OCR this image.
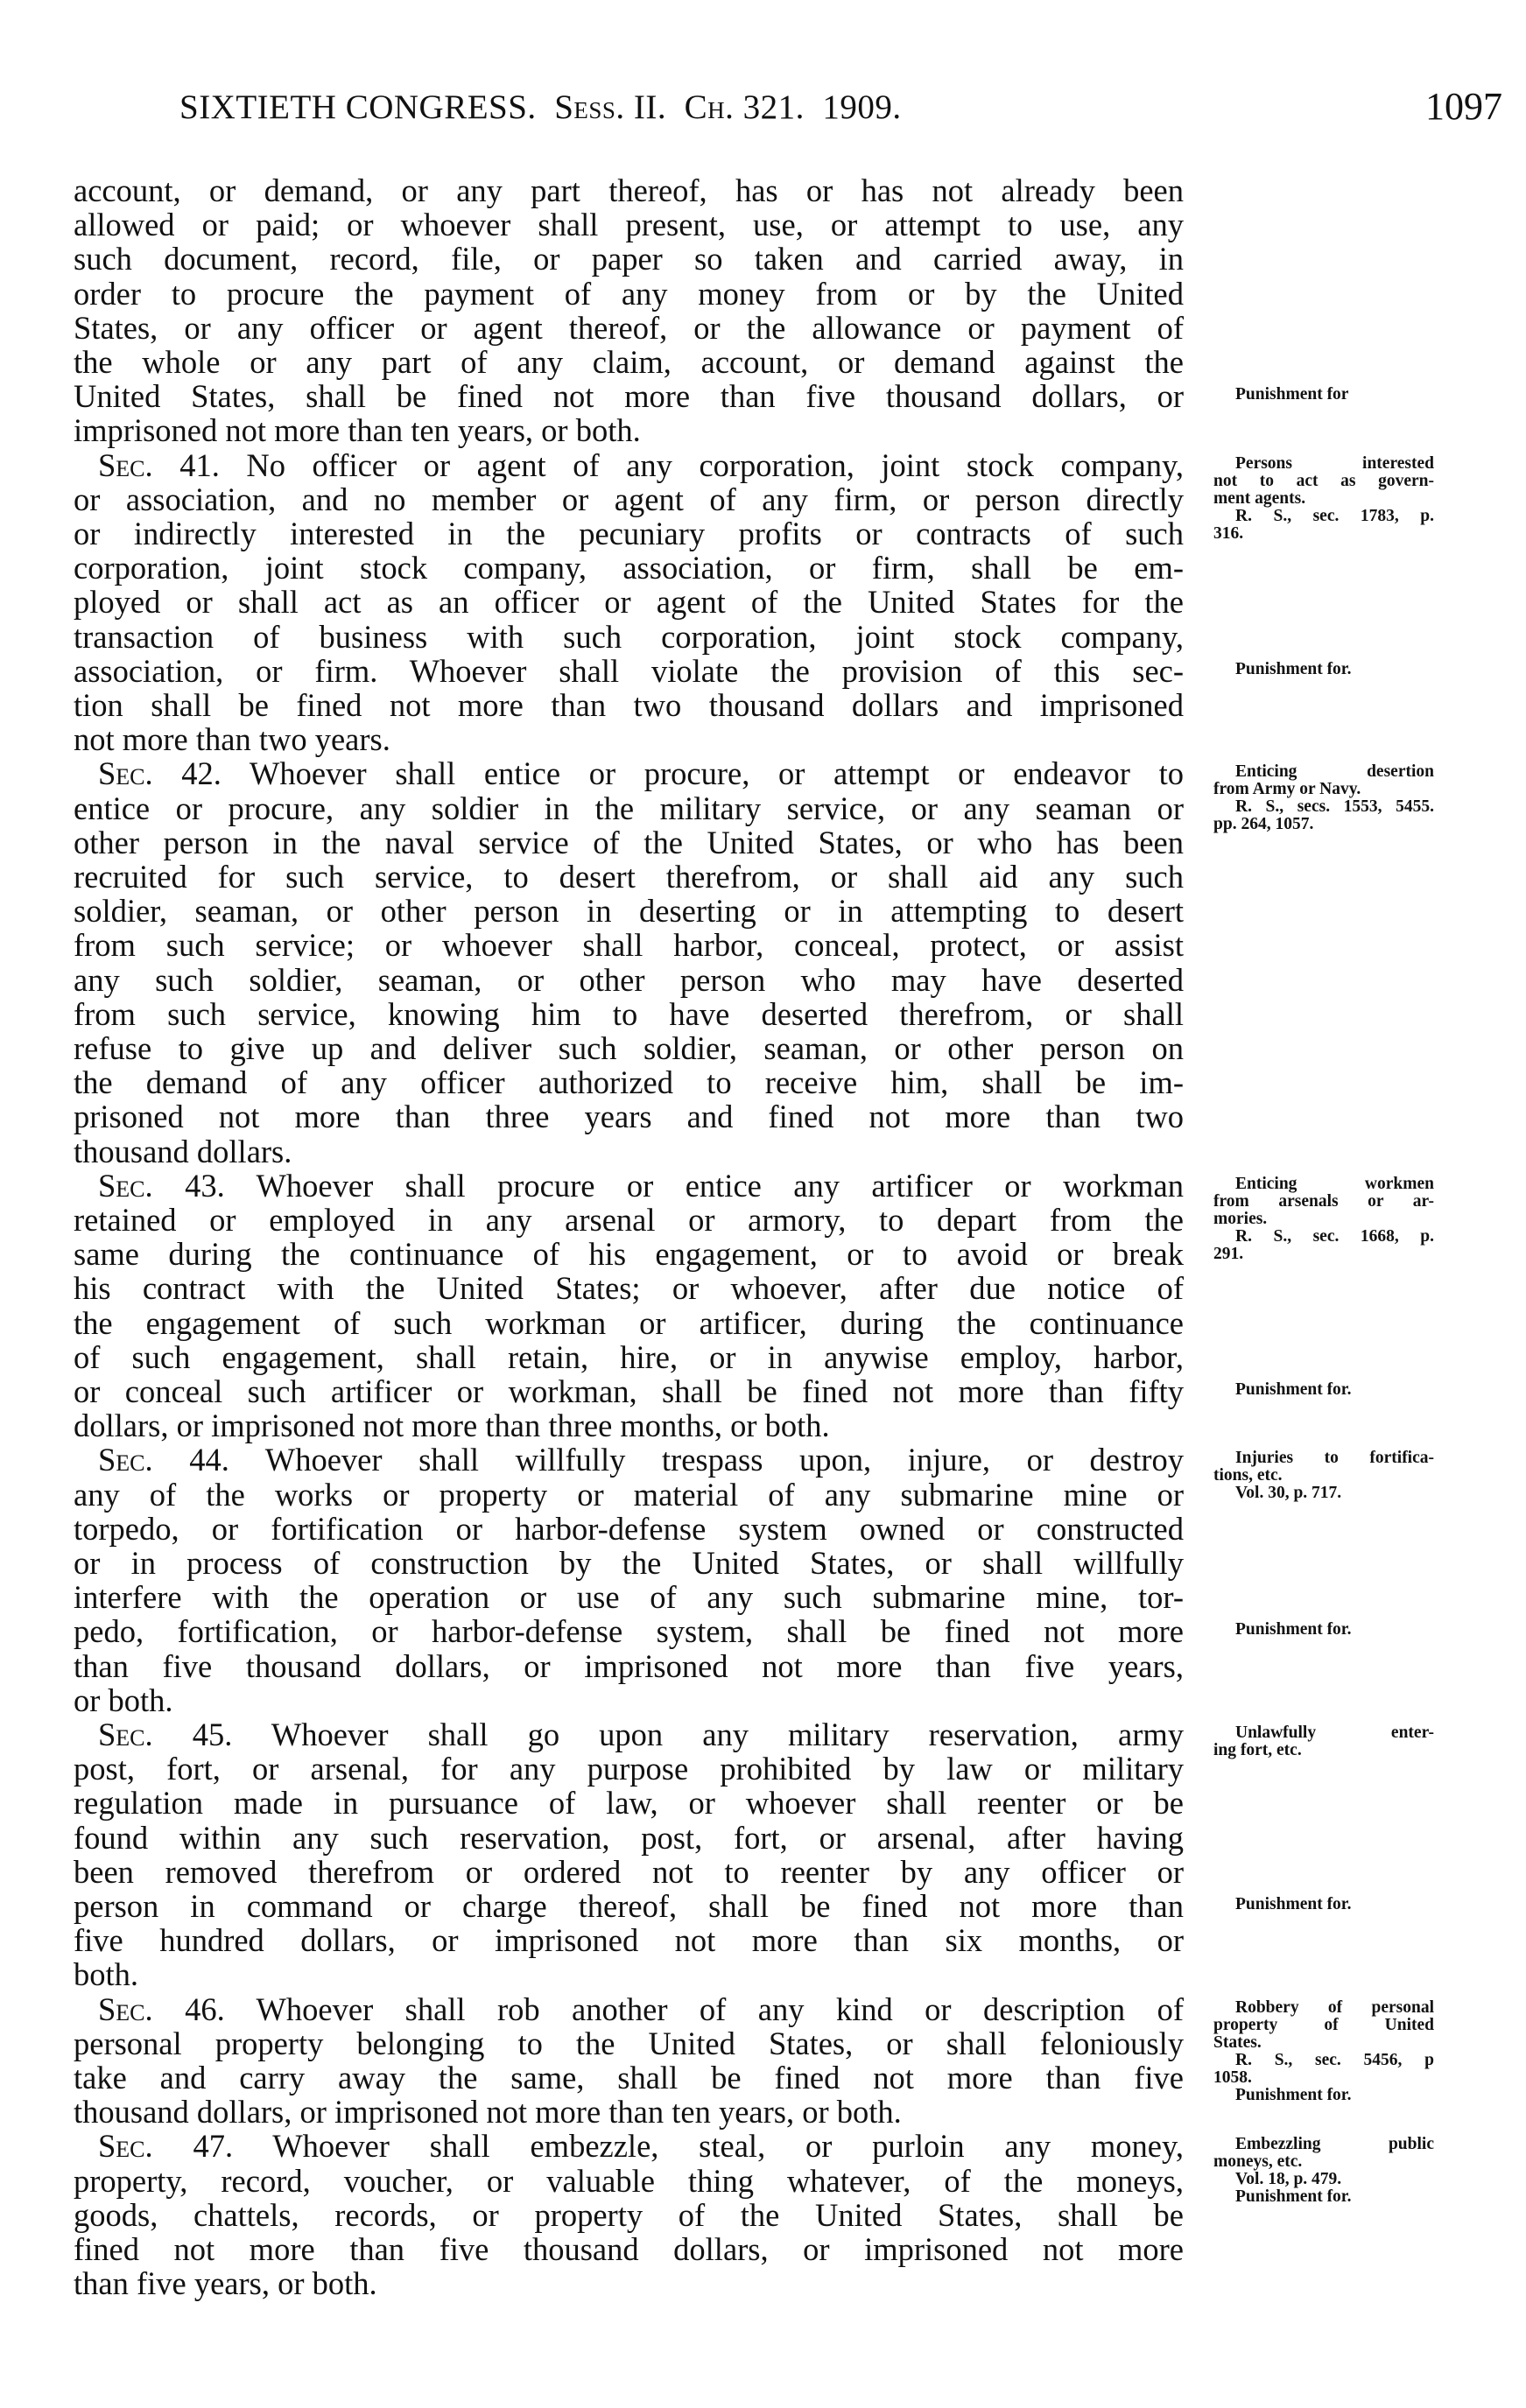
SIXTIETH CONGRESS. Sess. II. Ch. 321. 1909.	1097
account, or demand, or any part thereof, has or has not already been
allowed or paid; or whoever shall present, use, or attempt to use, any
such document, record, file, or paper so taken and carried away, in
order to procure the payment of any money from or by the United
States, or any officer or agent thereof, or the allowance or payment of
the whole or any part of any claim, account, or demand against the
United States, shall be fined not more than five thousand dollars, or
imprisoned not more than ten years, or both.
Sec. 41. No officer or agent of any corporation, joint stock company,
or association, and no member or agent of any firm, or person directly
or indirectly interested in the pecuniary profits or contracts of such
corporation, joint stock company, association, or firm, shall be em-
ployed or shall act as an officer or agent of the United States for the
transaction of business with such corporation, joint stock company,
association, or firm. Whoever shall violate the provision of this sec-
tion shall be fined not more than two thousand dollars and imprisoned
not more than two years.
Sec. 42. Whoever shall entice or procure, or attempt or endeavor to
entice or procure, any soldier in the military service, or any seaman or
other person in the naval service of the United States, or who has been
recruited for such service, to desert therefrom, or shall aid any such
soldier, seaman, or other person in deserting or in attempting to desert
from such service; or whoever shall harbor, conceal, protect, or assist
any such soldier, seaman, or other person who may have deserted
from such service, knowing him to have deserted therefrom, or shall
refuse to give up and deliver such soldier, seaman, or other person on
the demand of any officer authorized to receive him, shall be im-
prisoned not more than three years and fined not more than two
thousand dollars.
Sec. 43. Whoever shall procure or entice any artificer or workman
retained or employed in any arsenal or armory, to depart from the
same during the continuance of his engagement, or to avoid or break
his contract with the United States; or whoever, after due notice of
the engagement of such workman or artificer, during the continuance
of such engagement, shall retain, hire, or in anywise employ, harbor,
or conceal such artificer or workman, shall be fined not more than fifty
dollars, or imprisoned not more than three months, or both.
Sec. 44. Whoever shall willfully trespass upon, injure, or destroy
any of the works or property or material of any submarine mine or
torpedo, or fortification or harbor-defense system owned or constructed
or in process of construction by the United States, or shall willfully
interfere with the operation or use of any such submarine mine, tor-
pedo, fortification, or harbor-defense system, shall be fined not more
than five thousand dollars, or imprisoned not more than five years,
or both.
Sec. 45. Whoever shall go upon any military reservation, army
post, fort, or arsenal, for any purpose prohibited by law or military
regulation made in pursuance of law, or whoever shall reenter or be
found within any such reservation, post, fort, or arsenal, after having
been removed therefrom or ordered not to reenter by any officer or
person in command or charge thereof, shall be fined not more than
five hundred dollars, or imprisoned not more than six months, or
both.
Sec. 46. Whoever shall rob another of any kind or description of
personal property belonging to the United States, or shall feloniously
take and carry away the same, shall be fined not more than five
thousand dollars, or imprisoned not more than ten years, or both.
Sec. 47. Whoever shall embezzle, steal, or purloin any money,
property, record, voucher, or valuable thing whatever, of the moneys,
goods, chattels, records, or property of the United States, shall be
fined not more than five thousand dollars, or imprisoned not more
than five years, or both.
Punishment for
Persons interested
not to act as govern-
ment agents.
R. S., sec. 1783, p.
316.
Punishment for.
Enticing desertion
from Army or Navy.
R. S., secs. 1553, 5455.
pp. 264, 1057.
Enticing workmen
from arsenals or ar-
mories.
R. S., sec. 1668, p.
291.
Punishment for.
Injuries to fortifica-
tions, etc.
Vol. 30, p. 717.
Punishment for.
Unlawfully enter-
ing fort, etc.
Punishment for.
Robbery of personal
property of United
States.
R. S., sec. 5456, p
1058.
Punishment for.
Embezzling public
moneys, etc.
Vol. 18, p. 479.
Punishment for.
